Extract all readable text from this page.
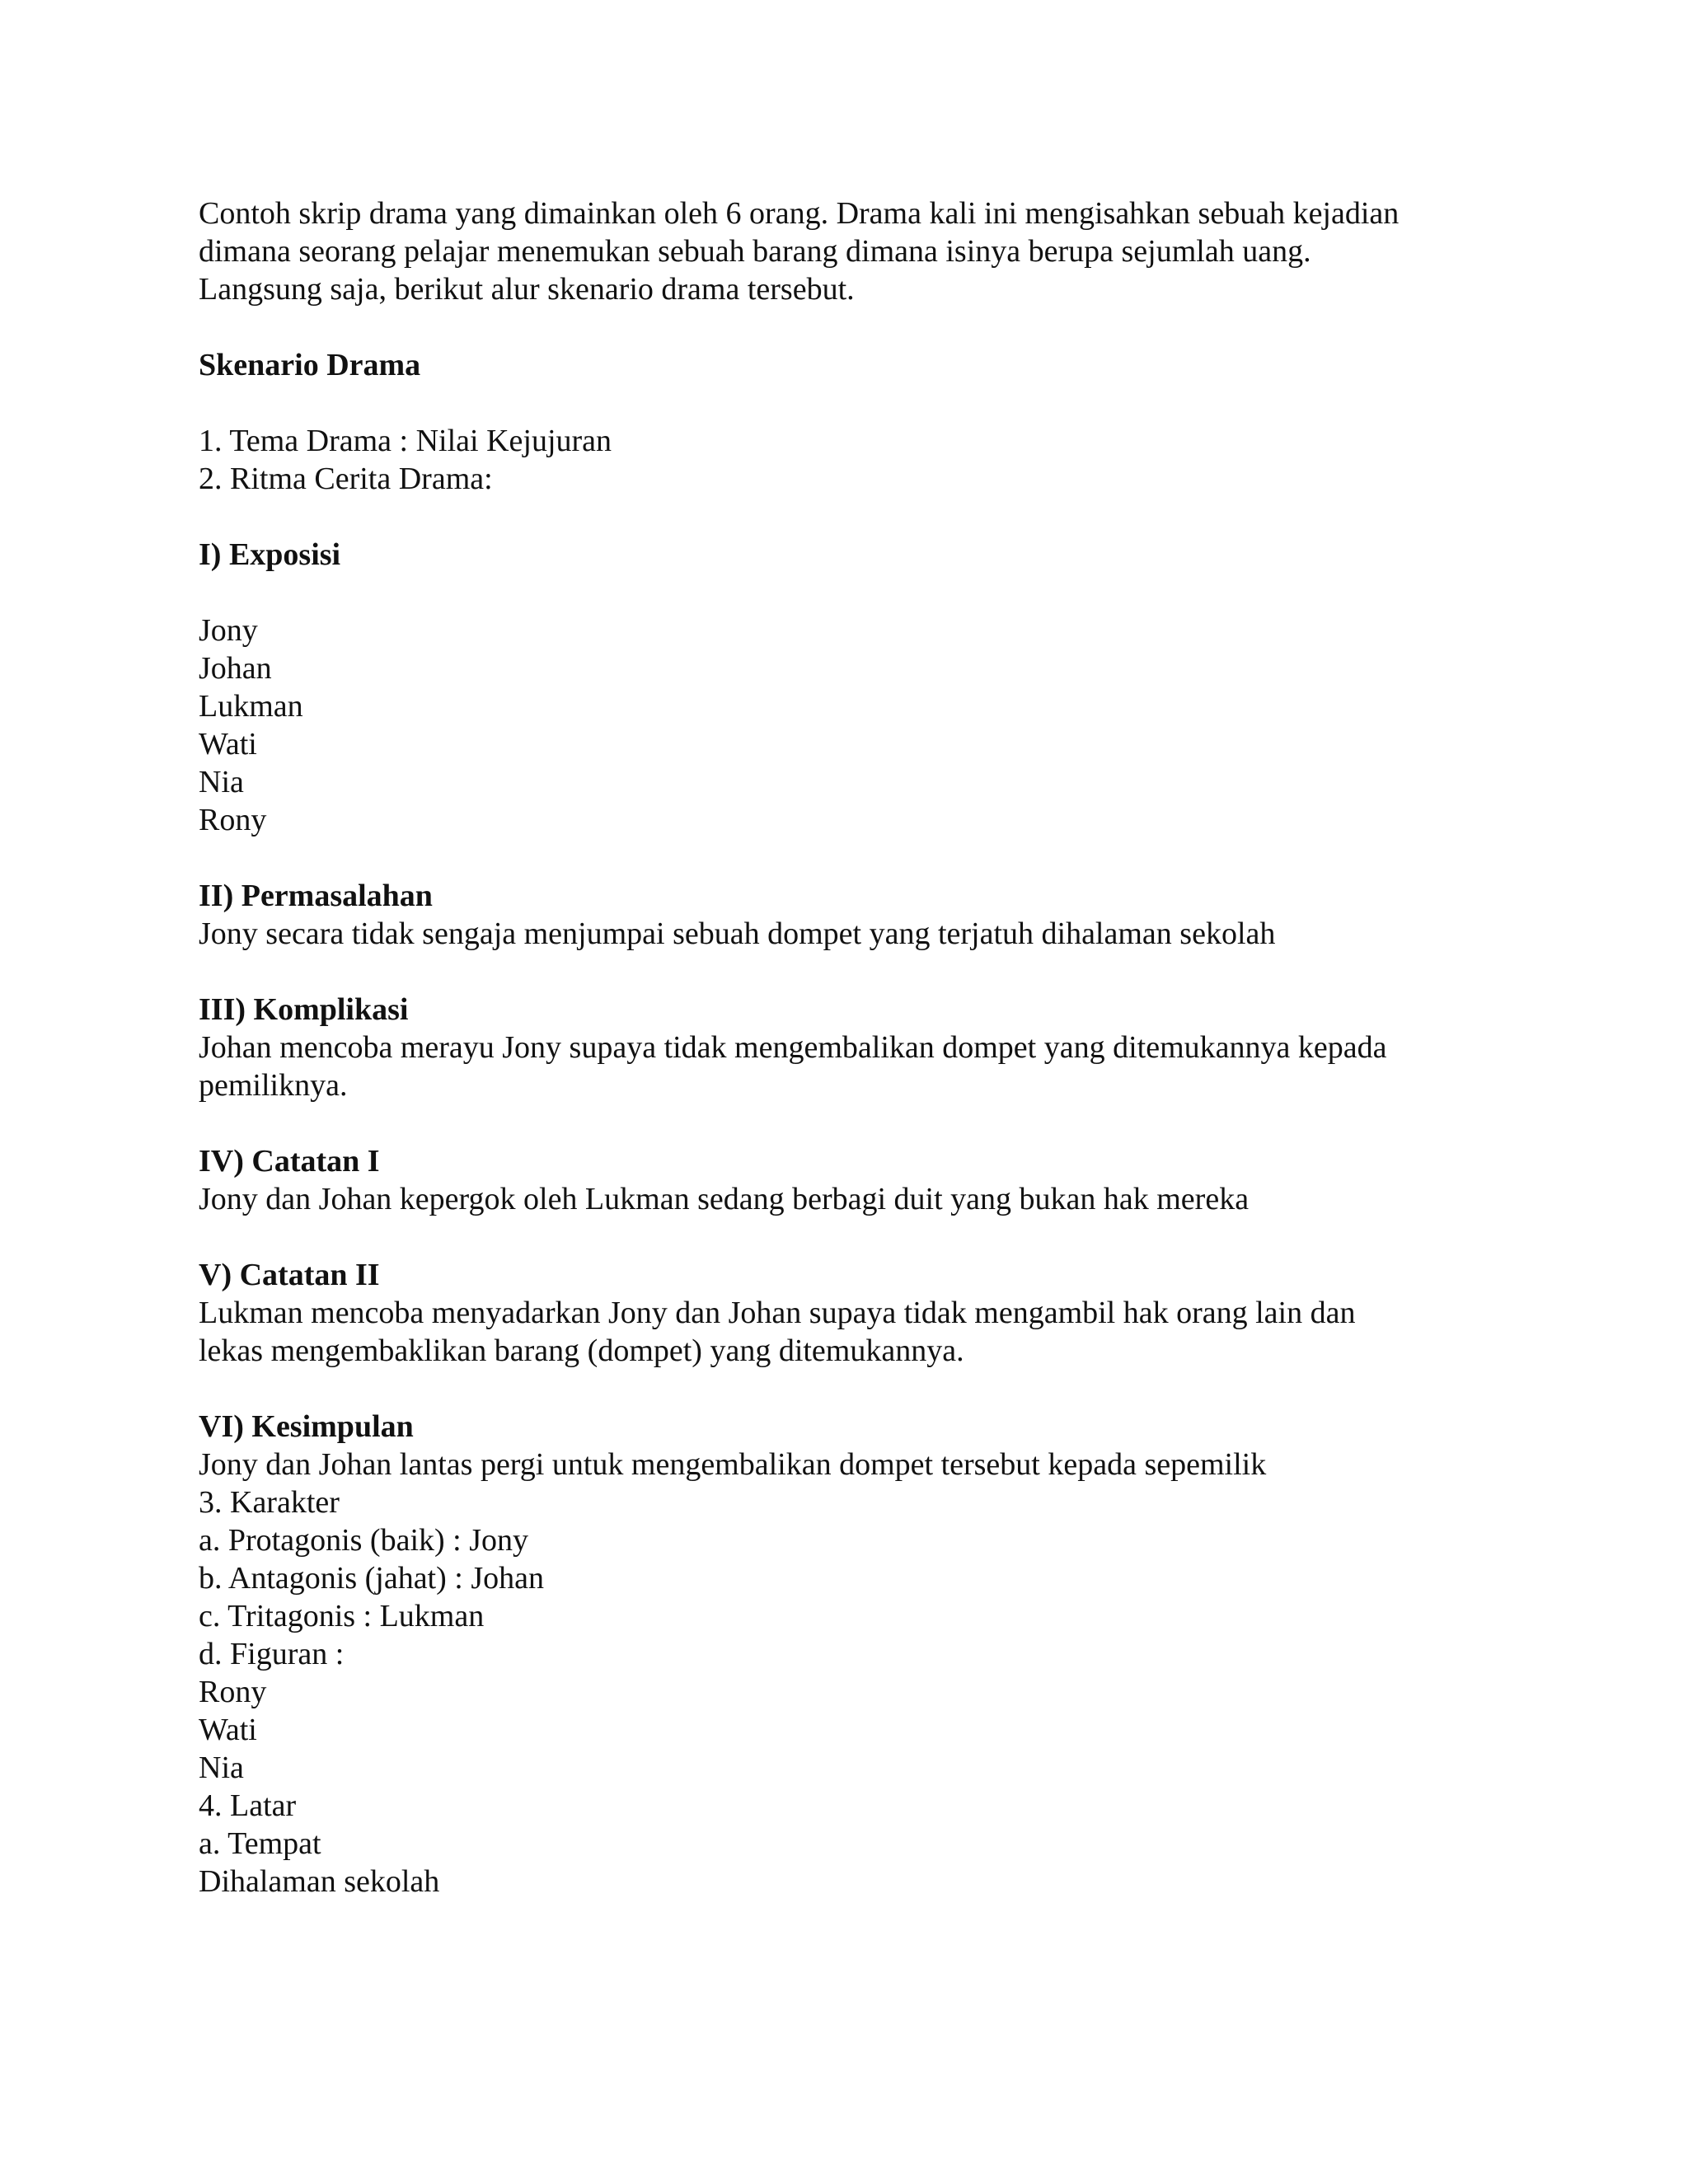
Contoh skrip drama yang dimainkan oleh 6 orang. Drama kali ini mengisahkan sebuah kejadian
dimana seorang pelajar menemukan sebuah barang dimana isinya berupa sejumlah uang.
Langsung saja, berikut alur skenario drama tersebut.
Skenario Drama
1. Tema Drama : Nilai Kejujuran
2. Ritma Cerita Drama:
I) Exposisi
Jony
Johan
Lukman
Wati
Nia
Rony
II) Permasalahan
Jony secara tidak sengaja menjumpai sebuah dompet yang terjatuh dihalaman sekolah
III) Komplikasi
Johan mencoba merayu Jony supaya tidak mengembalikan dompet yang ditemukannya kepada
pemiliknya.
IV) Catatan I
Jony dan Johan kepergok oleh Lukman sedang berbagi duit yang bukan hak mereka
V) Catatan II
Lukman mencoba menyadarkan Jony dan Johan supaya tidak mengambil hak orang lain dan
lekas mengembaklikan barang (dompet) yang ditemukannya.
VI) Kesimpulan
Jony dan Johan lantas pergi untuk mengembalikan dompet tersebut kepada sepemilik
3. Karakter
a. Protagonis (baik) : Jony
b. Antagonis (jahat) : Johan
c. Tritagonis : Lukman
d. Figuran :
Rony
Wati
Nia
4. Latar
a. Tempat
Dihalaman sekolah
